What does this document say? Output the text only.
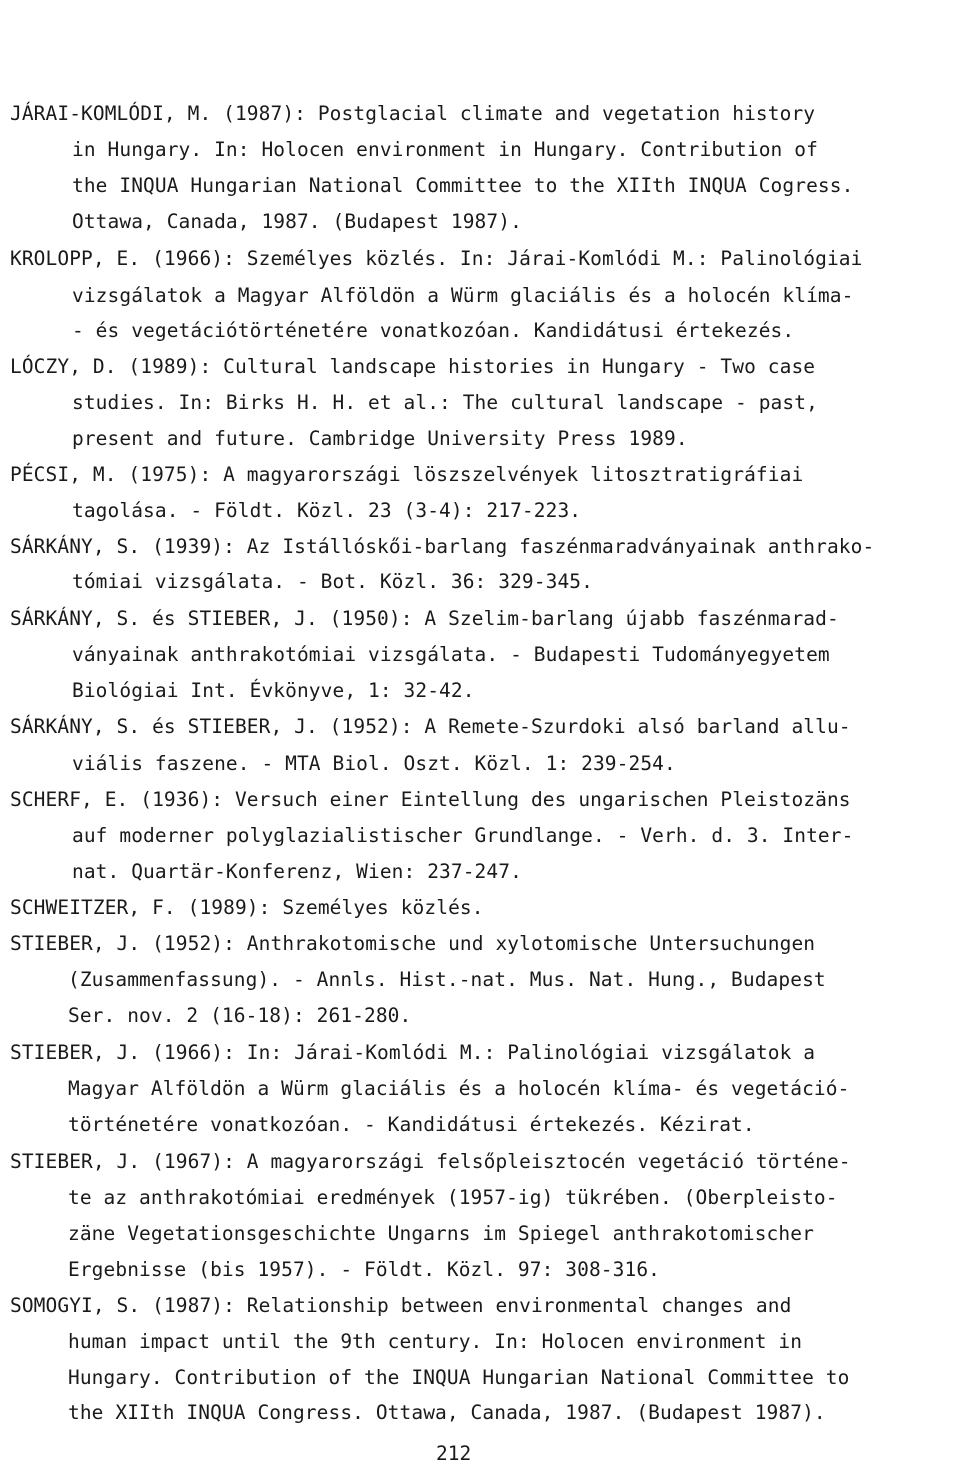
JÁRAI-KOMLÓDI, M. (1987): Postglacial climate and vegetation history
in Hungary. In: Holocen environment in Hungary. Contribution of
the INQUA Hungarian National Committee to the XIIth INQUA Cogress.
Ottawa, Canada, 1987. (Budapest 1987).
KROLOPP, E. (1966): Személyes közlés. In: Járai-Komlódi M.: Palinológiai
vizsgálatok a Magyar Alföldön a Würm glaciális és a holocén klíma-
- és vegetációtörténetére vonatkozóan. Kandidátusi értekezés.
LÓCZY, D. (1989): Cultural landscape histories in Hungary - Two case
studies. In: Birks H. H. et al.: The cultural landscape - past,
present and future. Cambridge University Press 1989.
PÉCSI, M. (1975): A magyarországi löszszelvények litosztratigráfiai
tagolása. - Földt. Közl. 23 (3-4): 217-223.
SÁRKÁNY, S. (1939): Az Istállóskői-barlang faszénmaradványainak anthrako-
tómiai vizsgálata. - Bot. Közl. 36: 329-345.
SÁRKÁNY, S. és STIEBER, J. (1950): A Szelim-barlang újabb faszénmarad-
ványainak anthrakotómiai vizsgálata. - Budapesti Tudományegyetem
Biológiai Int. Évkönyve, 1: 32-42.
SÁRKÁNY, S. és STIEBER, J. (1952): A Remete-Szurdoki alsó barland allu-
viális faszene. - MTA Biol. Oszt. Közl. 1: 239-254.
SCHERF, E. (1936): Versuch einer Eintellung des ungarischen Pleistozäns
auf moderner polyglazialistischer Grundlange. - Verh. d. 3. Inter-
nat. Quartär-Konferenz, Wien: 237-247.
SCHWEITZER, F. (1989): Személyes közlés.
STIEBER, J. (1952): Anthrakotomische und xylotomische Untersuchungen
(Zusammenfassung). - Annls. Hist.-nat. Mus. Nat. Hung., Budapest
Ser. nov. 2 (16-18): 261-280.
STIEBER, J. (1966): In: Járai-Komlódi M.: Palinológiai vizsgálatok a
Magyar Alföldön a Würm glaciális és a holocén klíma- és vegetáció-
történetére vonatkozóan. - Kandidátusi értekezés. Kézirat.
STIEBER, J. (1967): A magyarországi felsőpleisztocén vegetáció történe-
te az anthrakotómiai eredmények (1957-ig) tükrében. (Oberpleisto-
zäne Vegetationsgeschichte Ungarns im Spiegel anthrakotomischer
Ergebnisse (bis 1957). - Földt. Közl. 97: 308-316.
SOMOGYI, S. (1987): Relationship between environmental changes and
human impact until the 9th century. In: Holocen environment in
Hungary. Contribution of the INQUA Hungarian National Committee to
the XIIth INQUA Congress. Ottawa, Canada, 1987. (Budapest 1987).
212
